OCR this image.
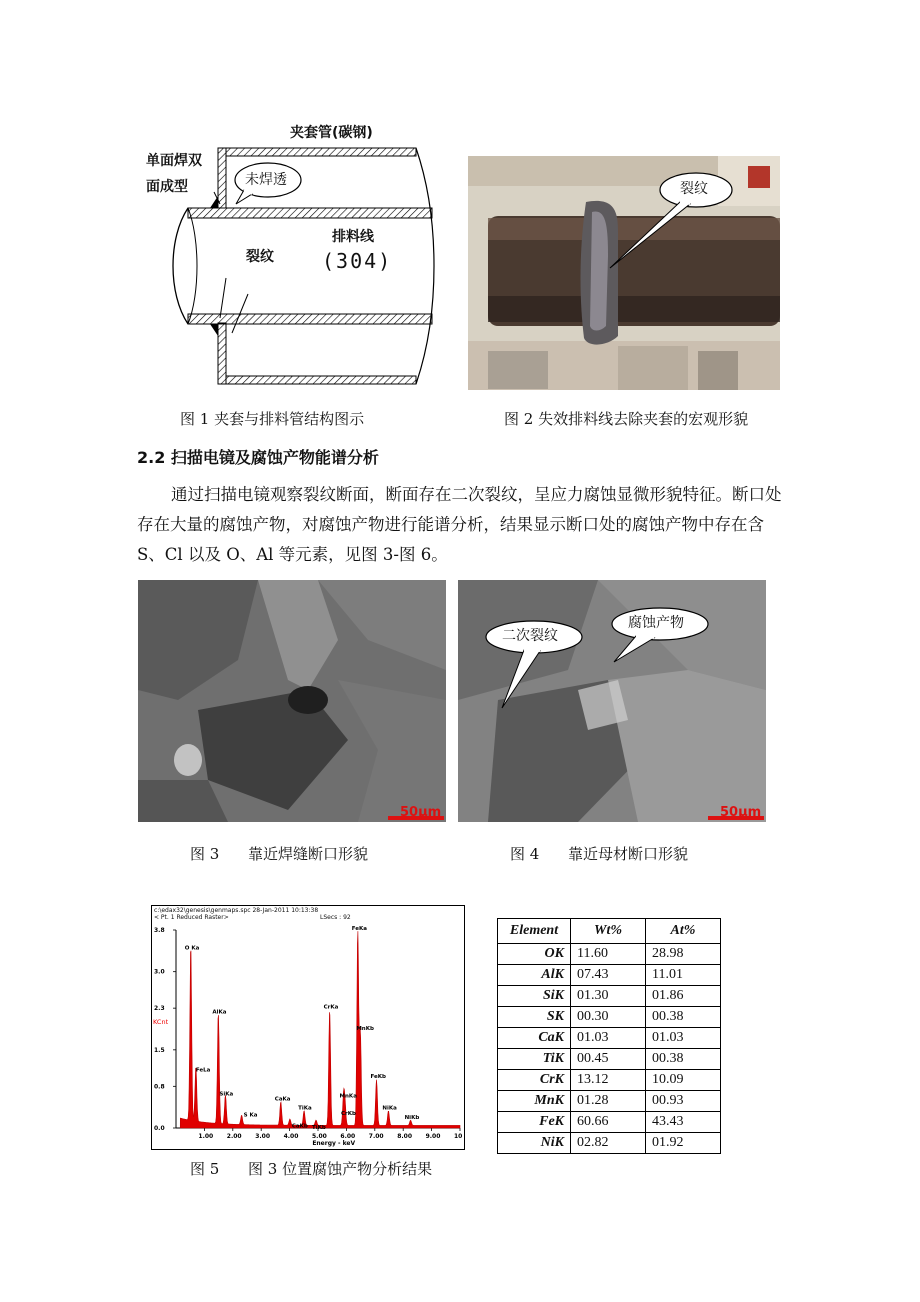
夹套管(碳钢)
单面焊双
面成型	未焊透
裂纹
排料线
(304)
图 1 夹套与排料管结构图示
裂纹
图 2 失效排料线去除夹套的宏观形貌
2.2 扫描电镜及腐蚀产物能谱分析
通过扫描电镜观察裂纹断面，断面存在二次裂纹，呈应力腐蚀显微形貌特征。断口处存在大量的腐蚀产物，对腐蚀产物进行能谱分析，结果显示断口处的腐蚀产物中存在含 S、Cl 以及 O、Al 等元素，见图 3-图 6。
50μm
图 3 靠近焊缝断口形貌
二次裂纹
腐蚀产物
50μm
图 4 靠近母材断口形貌
c:\edax32\genesis\genmaps.spc 28-Jan-2011 10:13:38
< Pt. 1 Reduced Raster>	LSecs : 92
3.8
3.0
2.3
1.5
0.8
0.0
KCnt
1.00 2.00 3.00 4.00 5.00 6.00 7.00 8.00 9.00 10
Energy - keV
O Ka
FeLa
AlKa
SiKa
S Ka
CaKa
CaKb
TiKa
TiKb
CrKa
MnKa
CrKb
FeKa
MnKb
FeKb
NiKa
NiKb
图 5 图 3 位置腐蚀产物分析结果
Element	Wt%	At%
OK	11.60	28.98
AlK	07.43	11.01
SiK	01.30	01.86
SK	00.30	00.38
CaK	01.03	01.03
TiK	00.45	00.38
CrK	13.12	10.09
MnK	01.28	00.93
FeK	60.66	43.43
NiK	02.82	01.92
